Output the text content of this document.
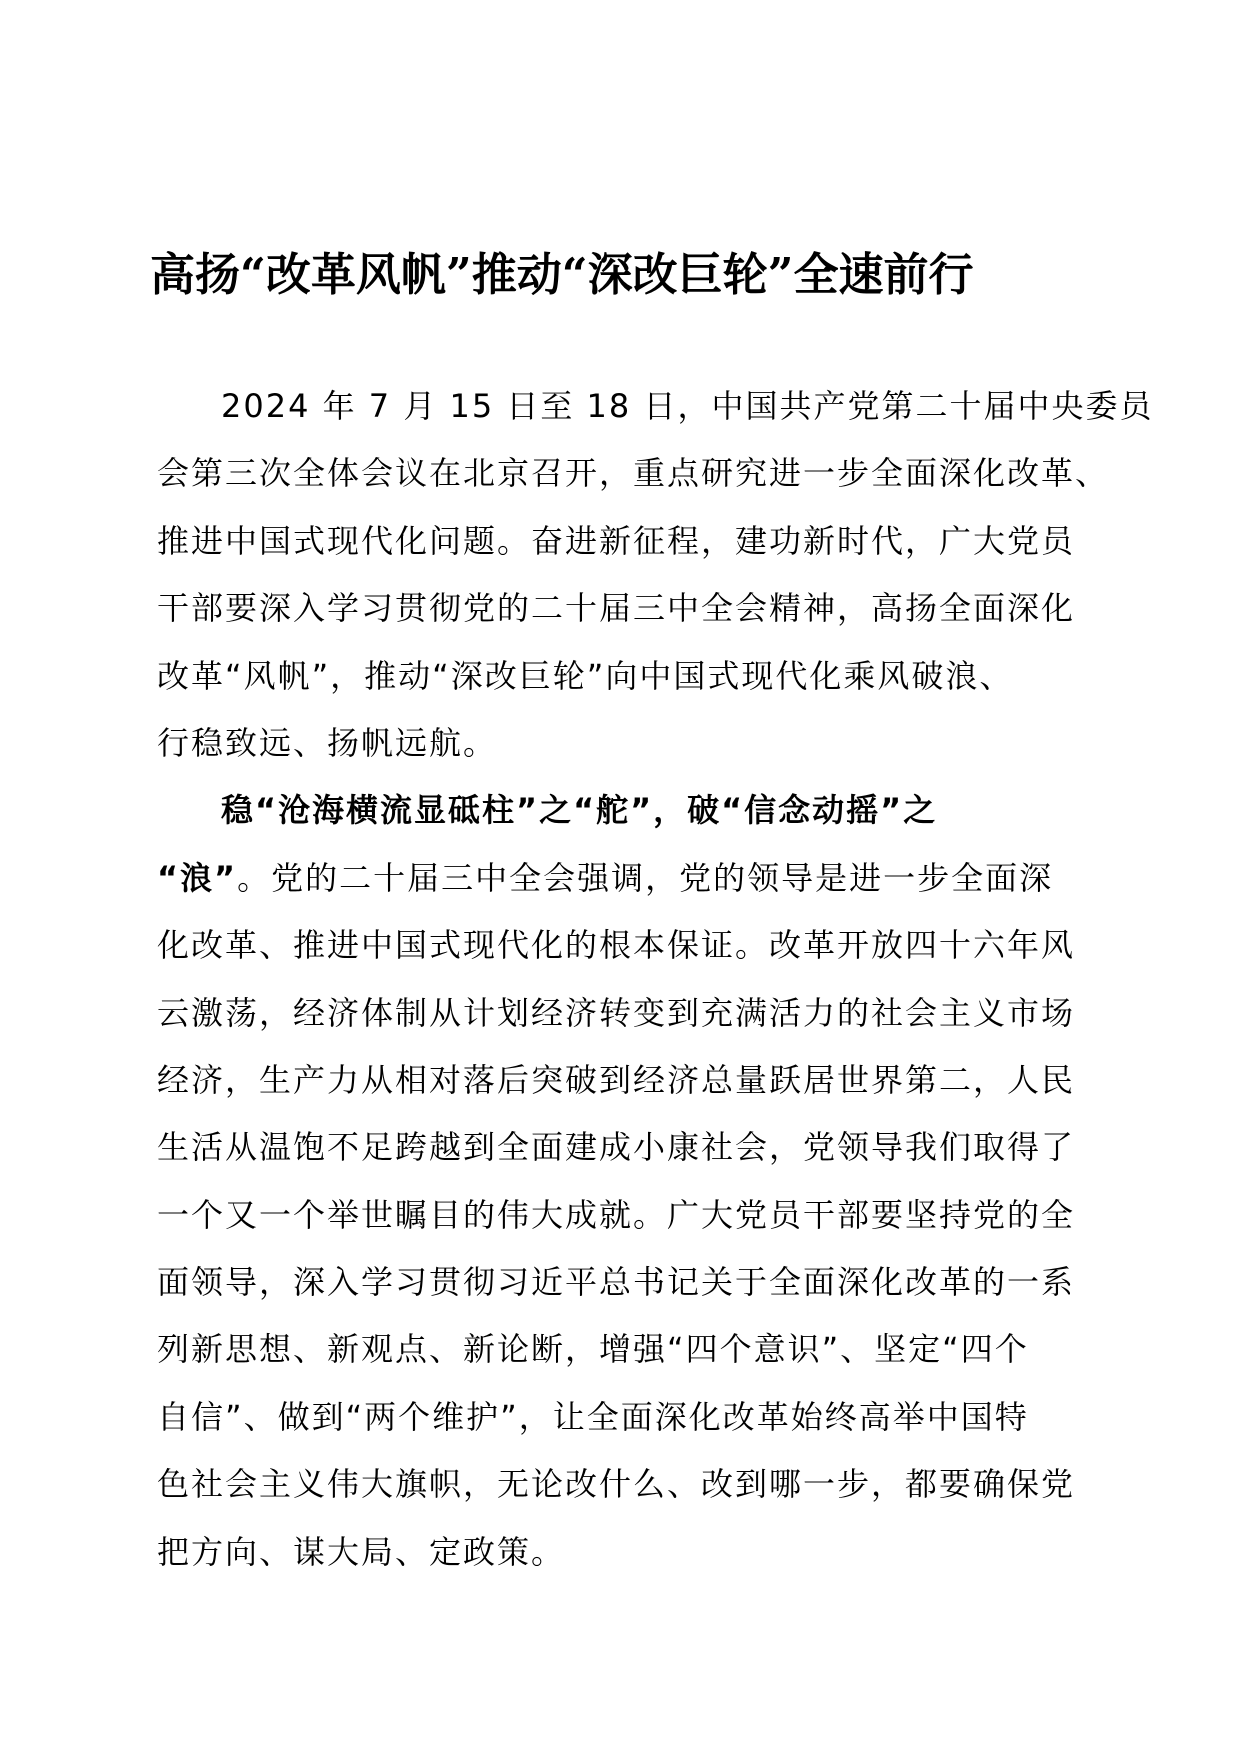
高扬“改革风帆”推动“深改巨轮”全速前行
2024 年 7 月 15 日至 18 日，中国共产党第二十届中央委员
会第三次全体会议在北京召开，重点研究进一步全面深化改革、
推进中国式现代化问题。奋进新征程，建功新时代，广大党员
干部要深入学习贯彻党的二十届三中全会精神，高扬全面深化
改革“风帆”，推动“深改巨轮”向中国式现代化乘风破浪、
行稳致远、扬帆远航。
稳“沧海横流显砥柱”之“舵”，破“信念动摇”之
“浪”。党的二十届三中全会强调，党的领导是进一步全面深
化改革、推进中国式现代化的根本保证。改革开放四十六年风
云激荡，经济体制从计划经济转变到充满活力的社会主义市场
经济，生产力从相对落后突破到经济总量跃居世界第二，人民
生活从温饱不足跨越到全面建成小康社会，党领导我们取得了
一个又一个举世瞩目的伟大成就。广大党员干部要坚持党的全
面领导，深入学习贯彻习近平总书记关于全面深化改革的一系
列新思想、新观点、新论断，增强“四个意识”、坚定“四个
自信”、做到“两个维护”，让全面深化改革始终高举中国特
色社会主义伟大旗帜，无论改什么、改到哪一步，都要确保党
把方向、谋大局、定政策。
